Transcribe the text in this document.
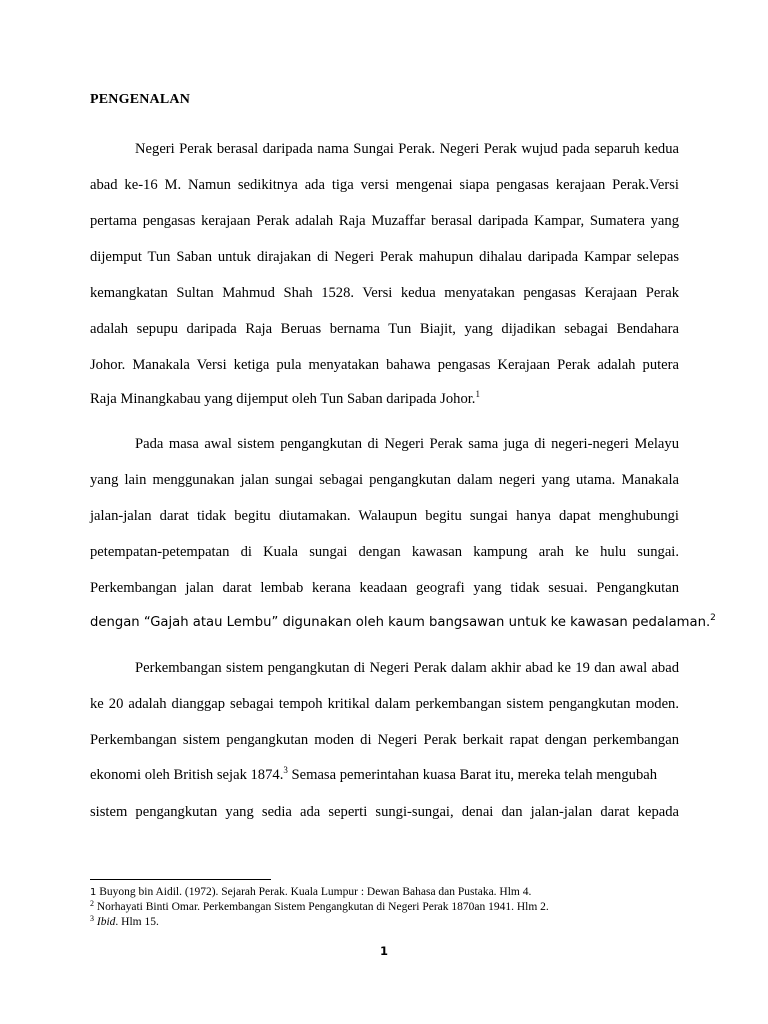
PENGENALAN
Negeri Perak berasal daripada nama Sungai Perak. Negeri Perak wujud pada separuh kedua
abad ke-16 M. Namun sedikitnya ada tiga versi mengenai siapa pengasas kerajaan Perak.Versi
pertama pengasas kerajaan Perak adalah Raja Muzaffar berasal daripada Kampar, Sumatera yang
dijemput Tun Saban untuk dirajakan di Negeri Perak mahupun dihalau daripada Kampar selepas
kemangkatan Sultan Mahmud Shah 1528. Versi kedua menyatakan pengasas Kerajaan Perak
adalah sepupu daripada Raja Beruas bernama Tun Biajit, yang dijadikan sebagai Bendahara
Johor. Manakala Versi ketiga pula menyatakan bahawa pengasas Kerajaan Perak adalah putera
Raja Minangkabau yang dijemput oleh Tun Saban daripada Johor.$^1$
Pada masa awal sistem pengangkutan di Negeri Perak sama juga di negeri-negeri Melayu
yang lain menggunakan jalan sungai sebagai pengangkutan dalam negeri yang utama. Manakala
jalan-jalan darat tidak begitu diutamakan. Walaupun begitu sungai hanya dapat menghubungi
petempatan-petempatan di Kuala sungai dengan kawasan kampung arah ke hulu sungai.
Perkembangan jalan darat lembab kerana keadaan geografi yang tidak sesuai. Pengangkutan
dengan “Gajah atau Lembu” digunakan oleh kaum bangsawan untuk ke kawasan pedalaman.$^2$
Perkembangan sistem pengangkutan di Negeri Perak dalam akhir abad ke 19 dan awal abad
ke 20 adalah dianggap sebagai tempoh kritikal dalam perkembangan sistem pengangkutan moden.
Perkembangan sistem pengangkutan moden di Negeri Perak berkait rapat dengan perkembangan
ekonomi oleh British sejak 1874.$^3$ Semasa pemerintahan kuasa Barat itu, mereka telah mengubah
sistem pengangkutan yang sedia ada seperti sungi-sungai, denai dan jalan-jalan darat kepada
1 Buyong bin Aidil. (1972). Sejarah Perak. Kuala Lumpur : Dewan Bahasa dan Pustaka. Hlm 4.
$^2$ Norhayati Binti Omar. Perkembangan Sistem Pengangkutan di Negeri Perak 1870an 1941. Hlm 2.
$^3$ Ibid. Hlm 15.
1
